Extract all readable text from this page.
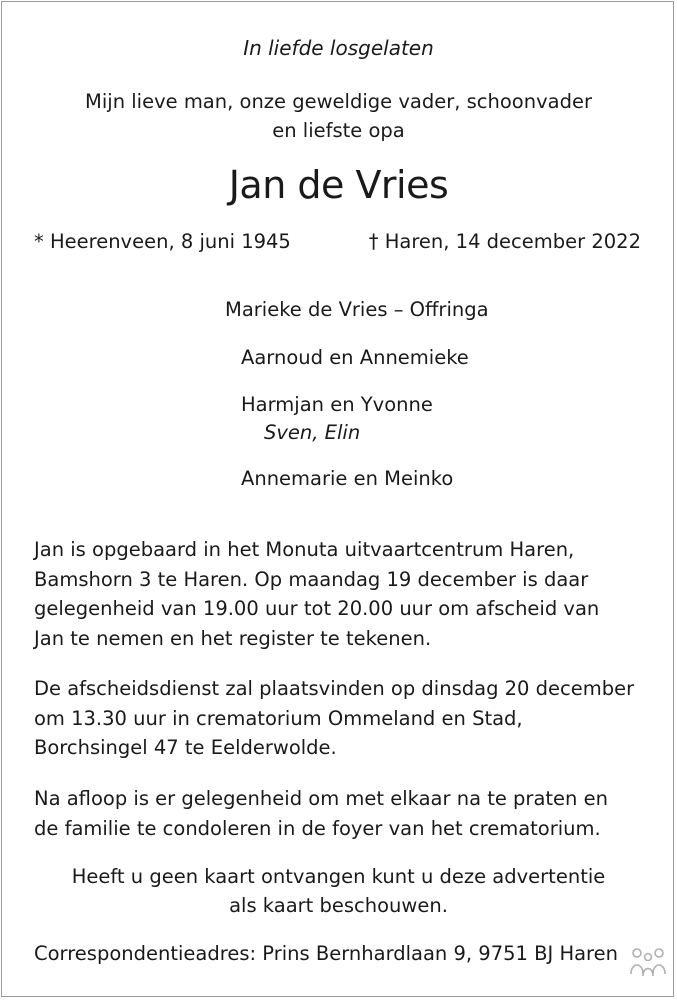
In liefde losgelaten
Mijn lieve man, onze geweldige vader, schoonvader
en liefste opa
Jan de Vries
* Heerenveen, 8 juni 1945	† Haren, 14 december 2022
Marieke de Vries – Offringa
Aarnoud en Annemieke
Harmjan en Yvonne
Sven, Elin
Annemarie en Meinko
Jan is opgebaard in het Monuta uitvaartcentrum Haren,
Bamshorn 3 te Haren. Op maandag 19 december is daar
gelegenheid van 19.00 uur tot 20.00 uur om afscheid van
Jan te nemen en het register te tekenen.
De afscheidsdienst zal plaatsvinden op dinsdag 20 december
om 13.30 uur in crematorium Ommeland en Stad,
Borchsingel 47 te Eelderwolde.
Na afloop is er gelegenheid om met elkaar na te praten en
de familie te condoleren in de foyer van het crematorium.
Heeft u geen kaart ontvangen kunt u deze advertentie
als kaart beschouwen.
Correspondentieadres: Prins Bernhardlaan 9, 9751 BJ Haren
